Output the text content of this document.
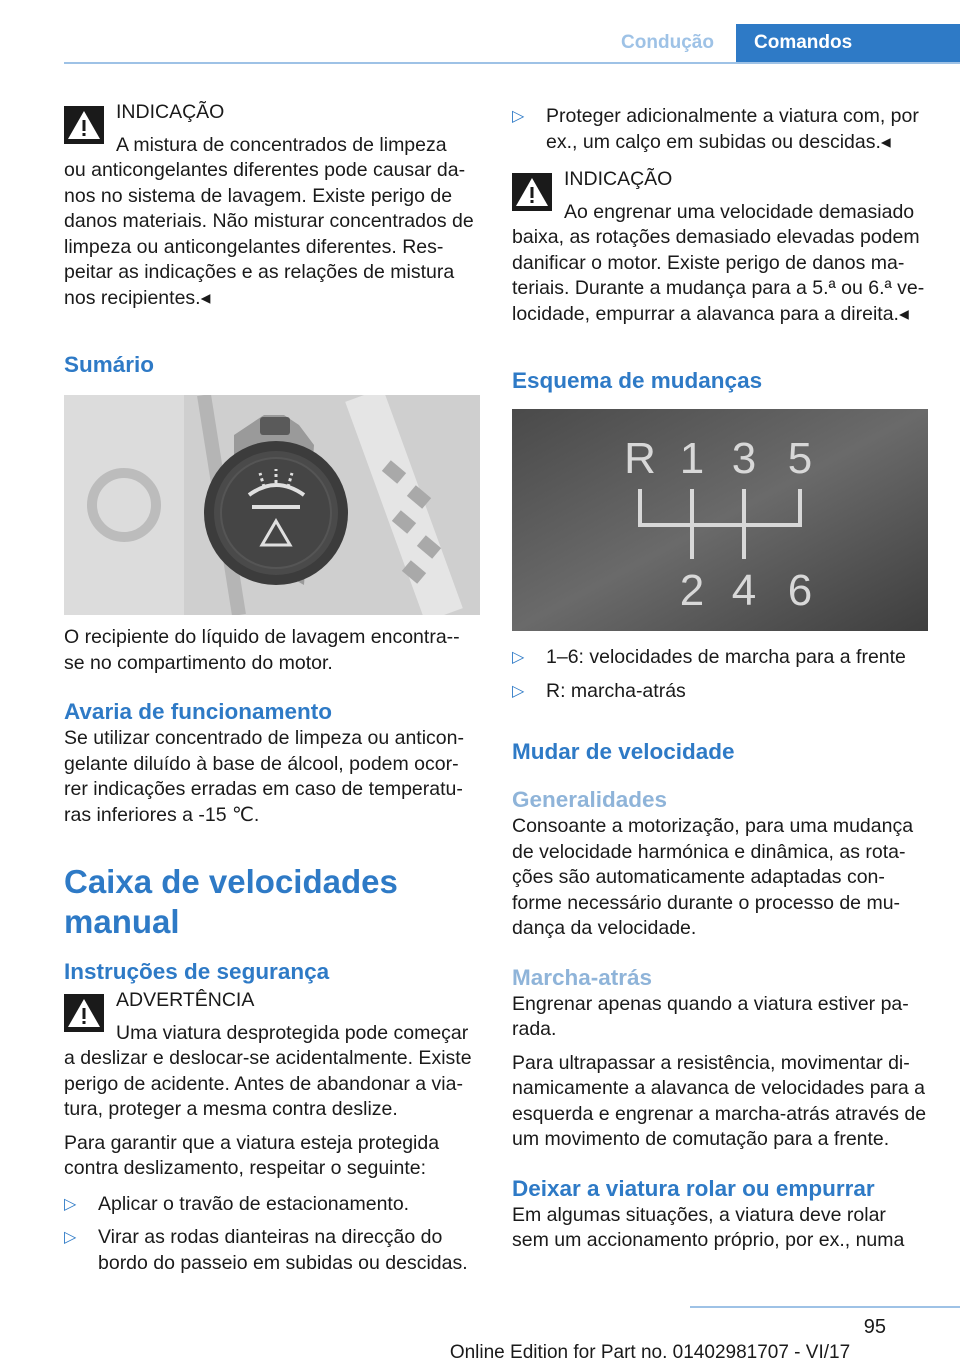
Condução	Comandos
INDICAÇÃO
A mistura de concentrados de limpeza

ou anticongelantes diferentes pode causar da-nos no sistema de lavagem. Existe perigo de danos materiais. Não misturar concentrados de limpeza ou anticongelantes diferentes. Res-peitar as indicações e as relações de mistura nos recipientes.◂

Sumário

O recipiente do líquido de lavagem encontra--se no compartimento do motor.

Avaria de funcionamento

Se utilizar concentrado de limpeza ou anticon-gelante diluído à base de álcool, podem ocor-rer indicações erradas em caso de temperatu-ras inferiores a -15 ℃.

Caixa de velocidades manual
Instruções de segurança
ADVERTÊNCIA
Uma viatura desprotegida pode começar

a deslizar e deslocar-se acidentalmente. Existe perigo de acidente. Antes de abandonar a via-tura, proteger a mesma contra deslize.

Para garantir que a viatura esteja protegida contra deslizamento, respeitar o seguinte:

▷ Aplicar o travão de estacionamento.
▷ Virar as rodas dianteiras na direcção do bordo do passeio em subidas ou descidas.
▷ Proteger adicionalmente a viatura com, por ex., um calço em subidas ou descidas.◂
INDICAÇÃO
Ao engrenar uma velocidade demasiado

baixa, as rotações demasiado elevadas podem danificar o motor. Existe perigo de danos ma-teriais. Durante a mudança para a 5.ª ou 6.ª ve-locidade, empurrar a alavanca para a direita.◂

Esquema de mudanças
R 1 3 5
2 4 6
▷ 1–6: velocidades de marcha para a frente
▷ R: marcha-atrás
Mudar de velocidade
Generalidades

Consoante a motorização, para uma mudança de velocidade harmónica e dinâmica, as rota-ções são automaticamente adaptadas con-forme necessário durante o processo de mu-dança da velocidade.

Marcha-atrás

Engrenar apenas quando a viatura estiver pa-rada.

Para ultrapassar a resistência, movimentar di-namicamente a alavanca de velocidades para a esquerda e engrenar a marcha-atrás através de um movimento de comutação para a frente.

Deixar a viatura rolar ou empurrar

Em algumas situações, a viatura deve rolar sem um accionamento próprio, por ex., numa

95
Online Edition for Part no. 01402981707 - VI/17
